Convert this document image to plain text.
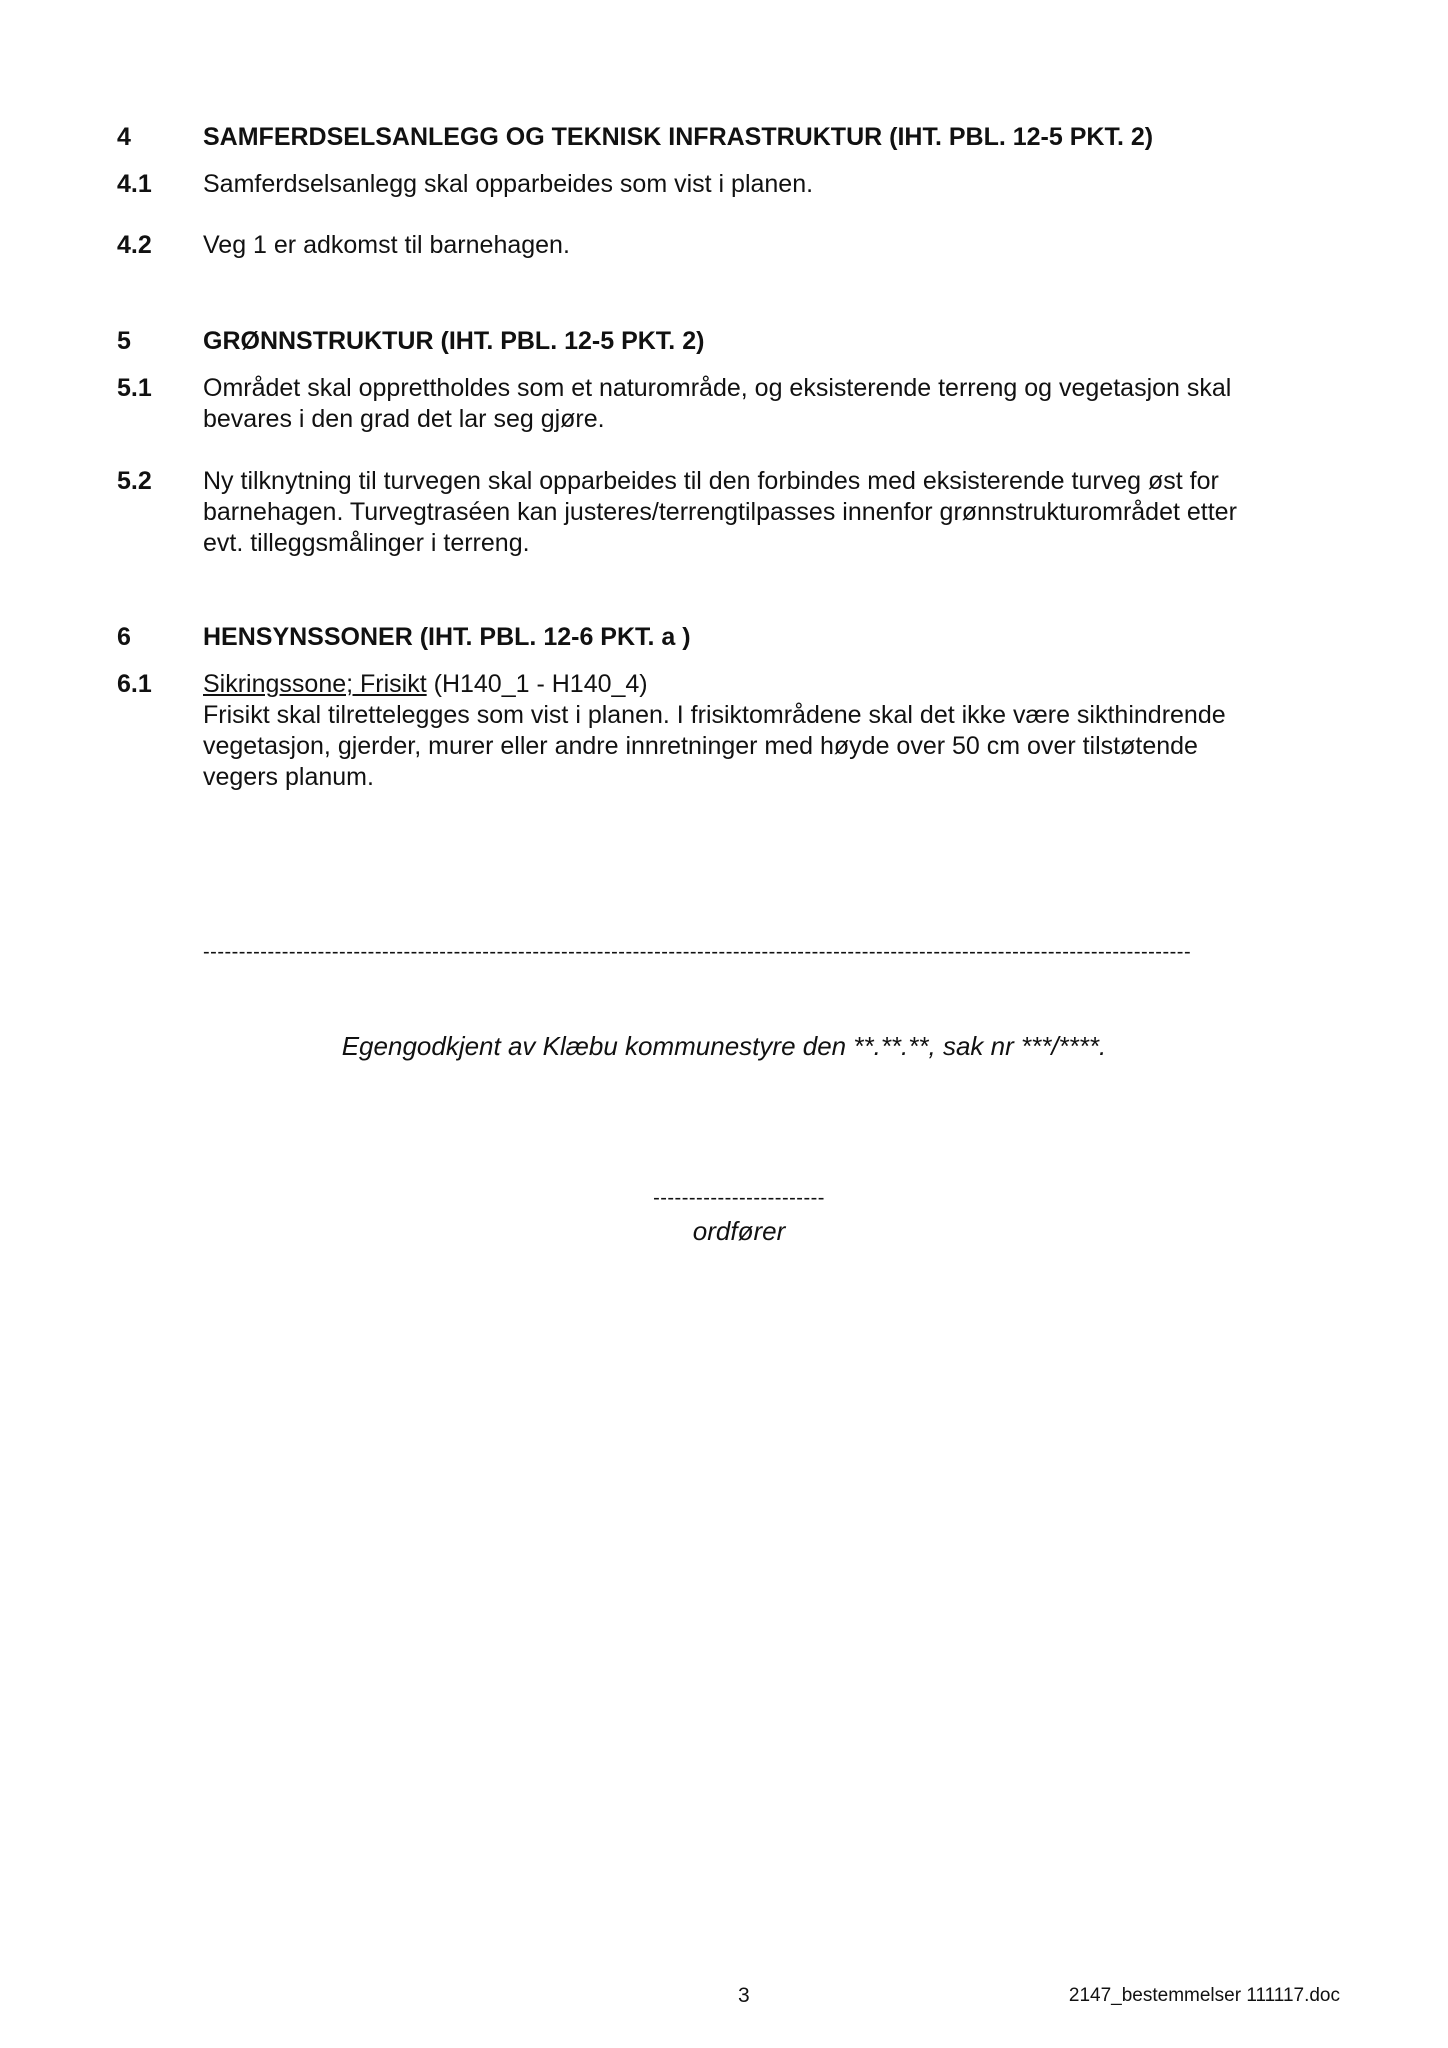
4	SAMFERDSELSANLEGG OG TEKNISK INFRASTRUKTUR (IHT. PBL. 12-5 PKT. 2)
4.1	Samferdselsanlegg skal opparbeides som vist i planen.
4.2	Veg 1 er adkomst til barnehagen.
5	GRØNNSTRUKTUR (IHT. PBL. 12-5 PKT. 2)
5.1	Området skal opprettholdes som et naturområde, og eksisterende terreng og vegetasjon skal
bevares i den grad det lar seg gjøre.
5.2	Ny tilknytning til turvegen skal opparbeides til den forbindes med eksisterende turveg øst for
barnehagen. Turvegtraséen kan justeres/terrengtilpasses innenfor grønnstrukturområdet etter
evt. tilleggsmålinger i terreng.
6	HENSYNSSONER (IHT. PBL. 12-6 PKT. a )
6.1	Sikringssone; Frisikt (H140_1 - H140_4)
Frisikt skal tilrettelegges som vist i planen. I frisiktområdene skal det ikke være sikthindrende
vegetasjon, gjerder, murer eller andre innretninger med høyde over 50 cm over tilstøtende
vegers planum.
------------------------------------------------------------------------------------------------------------------------------------------
Egengodkjent av Klæbu kommunestyre den **.**.**, sak nr ***/****.
------------------------
ordfører
3	2147_bestemmelser 111117.doc
